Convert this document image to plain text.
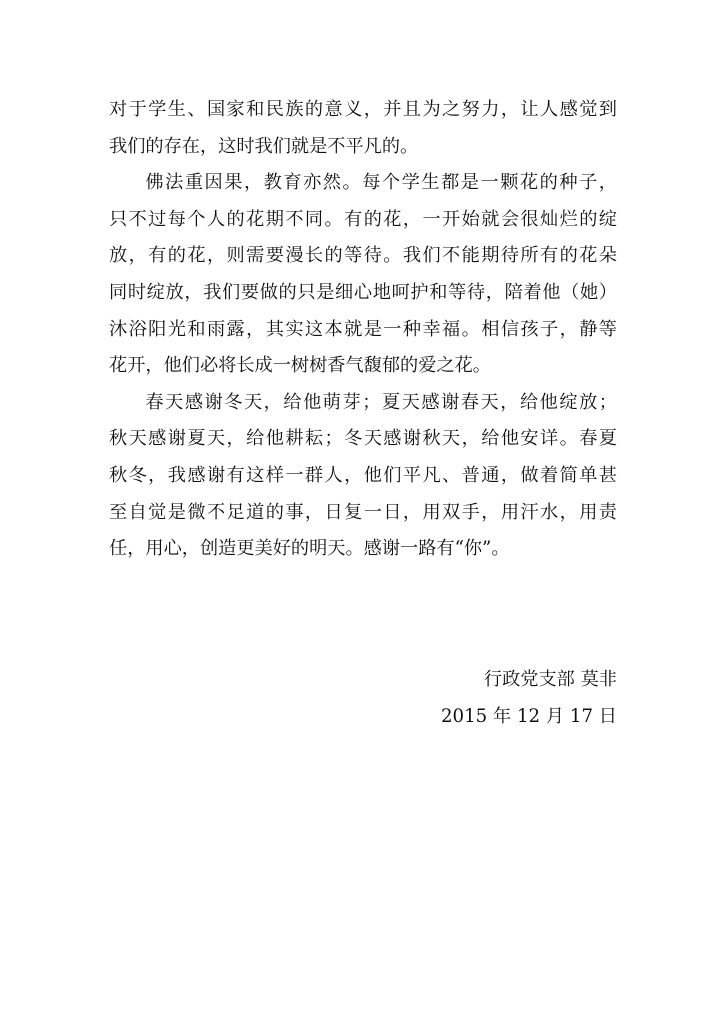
对于学生、国家和民族的意义，并且为之努力，让人感觉到
我们的存在，这时我们就是不平凡的。
佛法重因果，教育亦然。每个学生都是一颗花的种子，
只不过每个人的花期不同。有的花，一开始就会很灿烂的绽
放，有的花，则需要漫长的等待。我们不能期待所有的花朵
同时绽放，我们要做的只是细心地呵护和等待，陪着他（她）
沐浴阳光和雨露，其实这本就是一种幸福。相信孩子，静等
花开，他们必将长成一树树香气馥郁的爱之花。
春天感谢冬天，给他萌芽；夏天感谢春天，给他绽放；
秋天感谢夏天，给他耕耘；冬天感谢秋天，给他安详。春夏
秋冬，我感谢有这样一群人，他们平凡、普通，做着简单甚
至自觉是微不足道的事，日复一日，用双手，用汗水，用责
任，用心，创造更美好的明天。感谢一路有“你”。
行政党支部 莫非
2015 年 12 月 17 日
